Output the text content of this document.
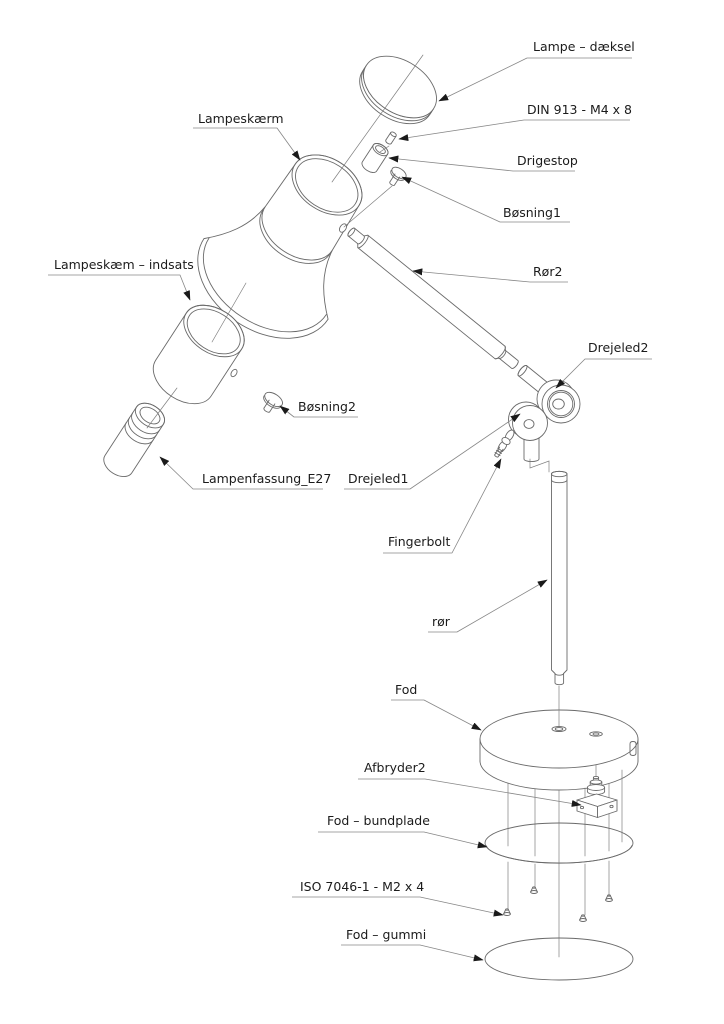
Lampe – dæksel
DIN 913 - M4 x 8
Drigestop
Bøsning1
Lampeskærm
Lampeskæm – indsats	Rør2
Drejeled2
Bøsning2
Drejeled1
Lampenfassung_E27
Fingerbolt
rør
Fod
Afbryder2
Fod – bundplade
ISO 7046-1 - M2 x 4
Fod – gummi
